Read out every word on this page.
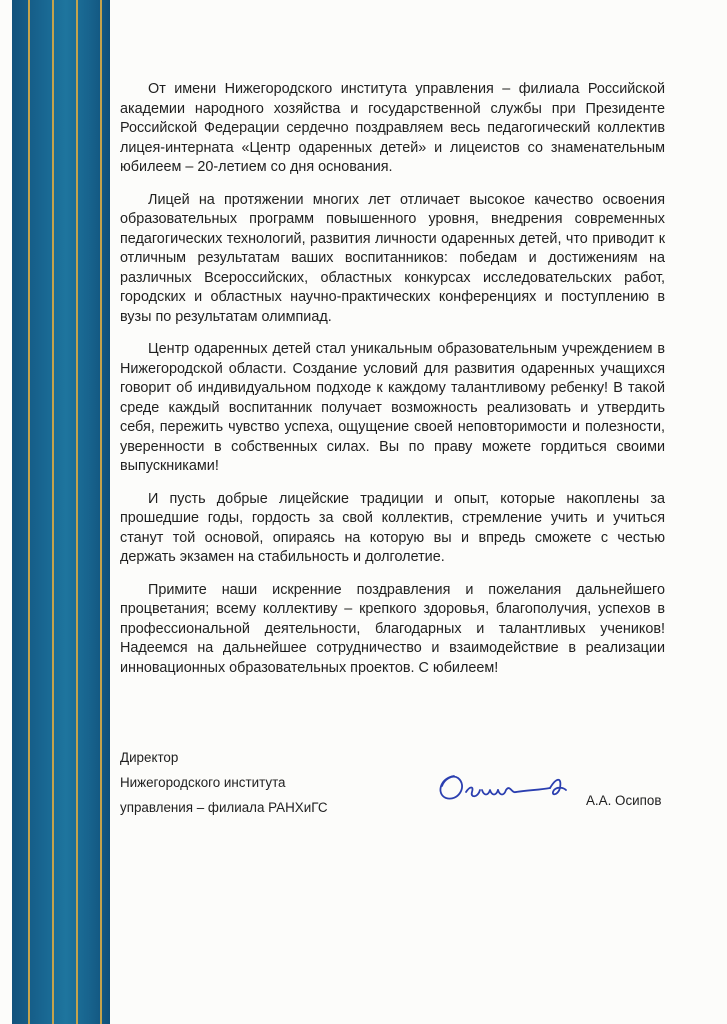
От имени Нижегородского института управления – филиала Российской академии народного хозяйства и государственной службы при Президенте Российской Федерации сердечно поздравляем весь педагогический коллектив лицея-интерната «Центр одаренных детей» и лицеистов со знаменательным юбилеем – 20-летием со дня основания.

Лицей на протяжении многих лет отличает высокое качество освоения образовательных программ повышенного уровня, внедрения современных педагогических технологий, развития личности одаренных детей, что приводит к отличным результатам ваших воспитанников: победам и достижениям на различных Всероссийских, областных конкурсах исследовательских работ, городских и областных научно-практических конференциях и поступлению в вузы по результатам олимпиад.

Центр одаренных детей стал уникальным образовательным учреждением в Нижегородской области. Создание условий для развития одаренных учащихся говорит об индивидуальном подходе к каждому талантливому ребенку! В такой среде каждый воспитанник получает возможность реализовать и утвердить себя, пережить чувство успеха, ощущение своей неповторимости и полезности, уверенности в собственных силах. Вы по праву можете гордиться своими выпускниками!

И пусть добрые лицейские традиции и опыт, которые накоплены за прошедшие годы, гордость за свой коллектив, стремление учить и учиться станут той основой, опираясь на которую вы и впредь сможете с честью держать экзамен на стабильность и долголетие.

Примите наши искренние поздравления и пожелания дальнейшего процветания; всему коллективу – крепкого здоровья, благополучия, успехов в профессиональной деятельности, благодарных и талантливых учеников! Надеемся на дальнейшее сотрудничество и взаимодействие в реализации инновационных образовательных проектов. С юбилеем!

Директор
Нижегородского института
управления – филиала РАНХиГС	А.А. Осипов
